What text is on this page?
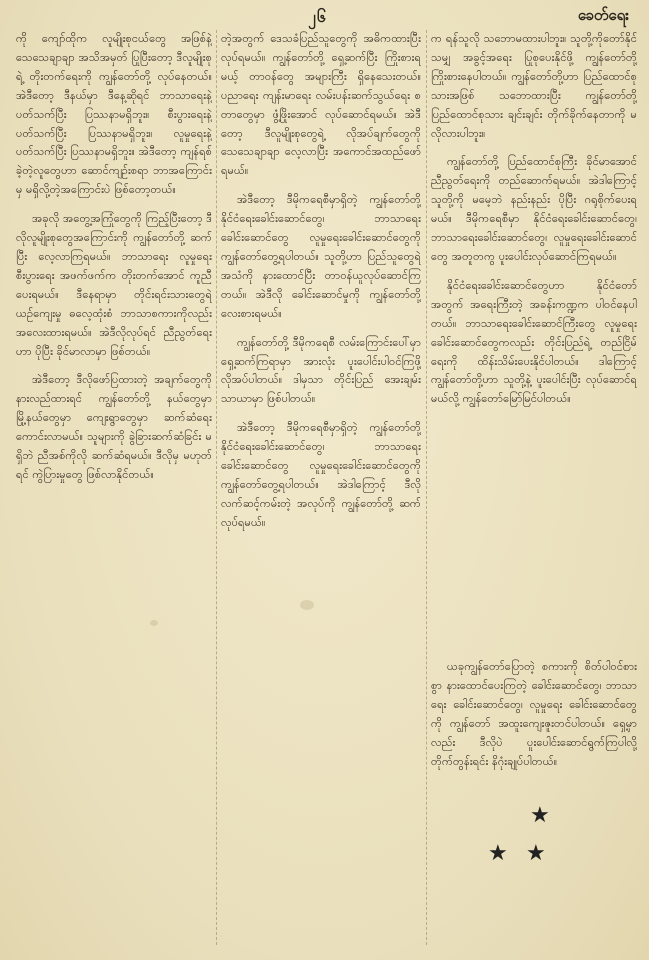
၂၆	ခေတ်ရေး

ကို ကျော်ထိုက လူမျိုးစုငယ်တွေ အဖြစ်နဲ့ သေသေချာချာ အသိအမှတ် ပြုပြီးတော့ ဒီလူမျိုးစုရဲ့ တိုးတက်ရေးကို ကျွန်တော်တို့ လုပ်နေတယ်။ အဲဒီတော့ ဒီနယ်မှာ ဒီနေ့ဆိုရင် ဘာသာရေးနဲ့ပတ်သက်ပြီး ပြဿနာမရှိဘူး။ စီးပွားရေးနဲ့ပတ်သက်ပြီး ပြဿနာမရှိဘူး။ လူမှုရေးနဲ့ပတ်သက်ပြီး ပြဿနာမရှိဘူး။ အဲဒီတော့ ကျန်ရစ်ခဲ့တဲ့လူတွေဟာ ဆောင်ကျဉ်းစရာ ဘာအကြောင်းမှ မရှိလို့တဲ့အကြောင်းပဲ ဖြစ်တော့တယ်။

အခုလို အတွေ့အကြုံတွေကို ကြည့်ပြီးတော့ ဒီလိုလူမျိုးစုတွေအကြောင်းကို ကျွန်တော်တို့ ဆက်ပြီး လေ့လာကြရမယ်။ ဘာသာရေး လူမှုရေး စီးပွားရေး အဖက်ဖက်က တိုးတက်အောင် ကူညီပေးရမယ်။ ဒီနေရာမှာ တိုင်းရင်းသားတွေရဲ့ ယဉ်ကျေးမှု ဓလေ့ထုံးစံ ဘာသာစကားကိုလည်း အလေးထားရမယ်။ အဲဒီလိုလုပ်ရင် ညီညွတ်ရေးဟာ ပိုပြီး ခိုင်မာလာမှာ ဖြစ်တယ်။

အဲဒီတော့ ဒီလိုဖော်ပြထားတဲ့ အချက်တွေကို နားလည်ထားရင် ကျွန်တော်တို့ နယ်တွေမှာ မြို့နယ်တွေမှာ ကျေးရွာတွေမှာ ဆက်ဆံရေး ကောင်းလာမယ်။ သူများကို ခွဲခြားဆက်ဆံခြင်း မရှိဘဲ ညီအစ်ကိုလို ဆက်ဆံရမယ်။ ဒီလိုမှ မဟုတ်ရင် ကွဲပြားမှုတွေ ဖြစ်လာနိုင်တယ်။

တဲ့အတွက် ဒေသခံပြည်သူတွေကို အဓိကထားပြီး လုပ်ရမယ်။ ကျွန်တော်တို့ ရှေ့ဆက်ပြီး ကြိုးစားရမယ့် တာဝန်တွေ အများကြီး ရှိနေသေးတယ်။ ပညာရေး ကျန်းမာရေး လမ်းပန်းဆက်သွယ်ရေး စတာတွေမှာ ဖွံ့ဖြိုးအောင် လုပ်ဆောင်ရမယ်။ အဲဒီတော့ ဒီလူမျိုးစုတွေရဲ့ လိုအပ်ချက်တွေကို သေသေချာချာ လေ့လာပြီး အကောင်အထည်ဖော်ရမယ်။

အဲဒီတော့ ဒီမိုကရေစီမှာရှိတဲ့ ကျွန်တော်တို့ နိုင်ငံရေးခေါင်းဆောင်တွေ၊ ဘာသာရေးခေါင်းဆောင်တွေ လူမှုရေးခေါင်းဆောင်တွေကို ကျွန်တော်တွေ့ရပါတယ်။ သူတို့ဟာ ပြည်သူတွေရဲ့ အသံကို နားထောင်ပြီး တာဝန်ယူလုပ်ဆောင်ကြတယ်။ အဲဒီလို ခေါင်းဆောင်မှုကို ကျွန်တော်တို့ လေးစားရမယ်။

ကျွန်တော်တို့ ဒီမိုကရေစီ လမ်းကြောင်းပေါ်မှာ ရှေ့ဆက်ကြရာမှာ အားလုံး ပူးပေါင်းပါဝင်ကြဖို့ လိုအပ်ပါတယ်။ ဒါမှသာ တိုင်းပြည် အေးချမ်းသာယာမှာ ဖြစ်ပါတယ်။

အဲဒီတော့ ဒီမိုကရေစီမှာရှိတဲ့ ကျွန်တော်တို့ နိုင်ငံရေးခေါင်းဆောင်တွေ၊ ဘာသာရေးခေါင်းဆောင်တွေ လူမှုရေးခေါင်းဆောင်တွေကို ကျွန်တော်တွေ့ရပါတယ်။ အဲဒါကြောင့် ဒီလိုလက်ဆင့်ကမ်းတဲ့ အလုပ်ကို ကျွန်တော်တို့ ဆက်လုပ်ရမယ်။

က ရန်သူလို သဘောမထားပါဘူး။ သူတို့ကိုတော်နိုင်သမျှ အခွင့်အရေး ပြုစုပေးနိုင်ဖို့ ကျွန်တော်တို့ ကြိုးစားနေပါတယ်။ ကျွန်တော်တို့ဟာ ပြည်ထောင်စုသားအဖြစ် သဘောထားပြီး ကျွန်တော်တို့ ပြည်ထောင်စုသား ချင်းချင်း တိုက်ခိုက်နေတာကို မလိုလားပါဘူး။

ကျွန်တော်တို့ ပြည်ထောင်စုကြီး ခိုင်မာအောင် ညီညွတ်ရေးကို တည်ဆောက်ရမယ်။ အဲဒါကြောင့် သူတို့ကို မမေ့ဘဲ နည်းနည်း ပိုပြီး ဂရုစိုက်ပေးရမယ်။ ဒီမိုကရေစီမှာ နိုင်ငံရေးခေါင်းဆောင်တွေ၊ ဘာသာရေးခေါင်းဆောင်တွေ၊ လူမှုရေးခေါင်းဆောင်တွေ အတူတကွ ပူးပေါင်းလုပ်ဆောင်ကြရမယ်။

နိုင်ငံရေးခေါင်းဆောင်တွေဟာ နိုင်ငံတော်အတွက် အရေးကြီးတဲ့ အခန်းကဏ္ဍက ပါဝင်နေပါတယ်။ ဘာသာရေးခေါင်းဆောင်ကြီးတွေ လူမှုရေးခေါင်းဆောင်တွေကလည်း တိုင်းပြည်ရဲ့ တည်ငြိမ်ရေးကို ထိန်းသိမ်းပေးနိုင်ပါတယ်။ ဒါကြောင့် ကျွန်တော်တို့ဟာ သူတို့နဲ့ ပူးပေါင်းပြီး လုပ်ဆောင်ရမယ်လို့ ကျွန်တော်မြော်မြင်ပါတယ်။

ယခုကျွန်တော်ပြောတဲ့ စကားကို စိတ်ပါဝင်စားစွာ နားထောင်ပေးကြတဲ့ ခေါင်းဆောင်တွေ၊ ဘာသာရေး ခေါင်းဆောင်တွေ၊ လူမှုရေး ခေါင်းဆောင်တွေကို ကျွန်တော် အထူးကျေးဇူးတင်ပါတယ်။ ရှေ့မှာလည်း ဒီလိုပဲ ပူးပေါင်းဆောင်ရွက်ကြပါလို့ တိုက်တွန်းရင်း နိဂုံးချုပ်ပါတယ်။

★
★ ★
